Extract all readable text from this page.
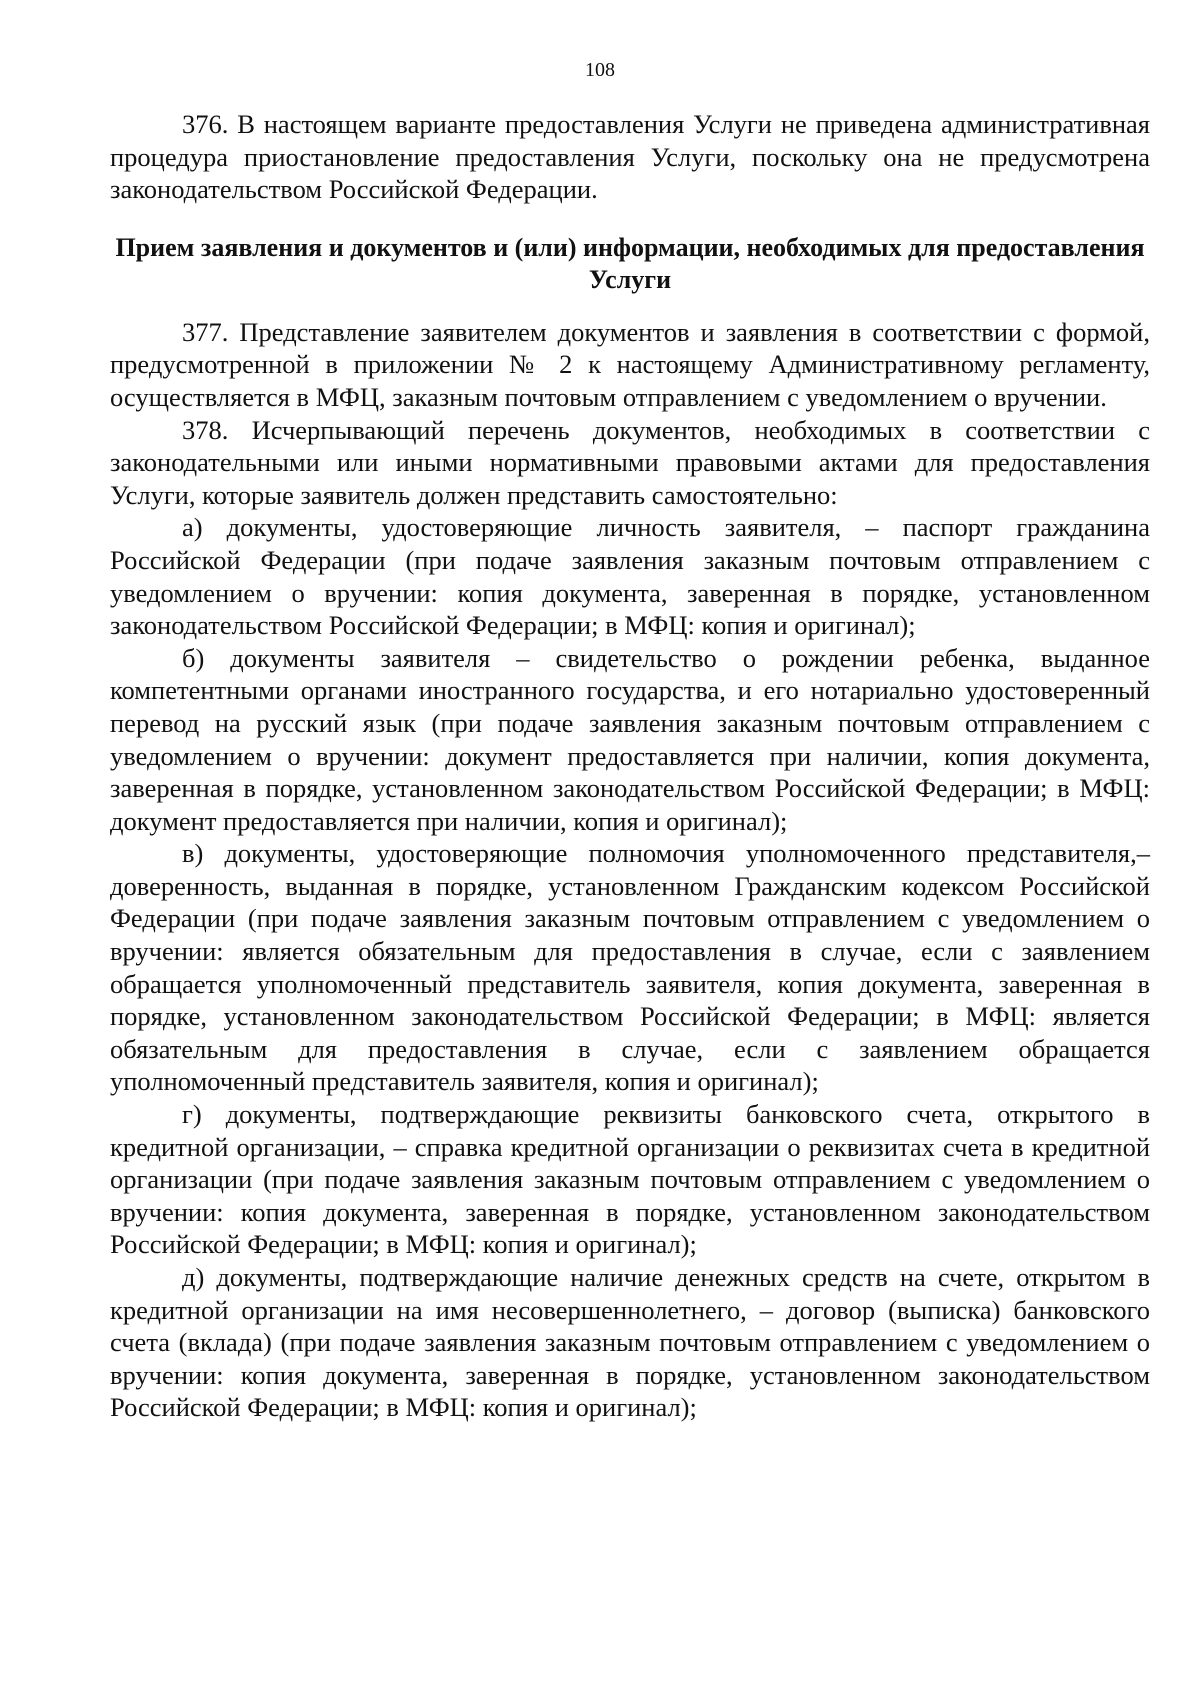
108

376. В настоящем варианте предоставления Услуги не приведена административная процедура приостановление предоставления Услуги, поскольку она не предусмотрена законодательством Российской Федерации.

Прием заявления и документов и (или) информации, необходимых для предоставления Услуги

377. Представление заявителем документов и заявления в соответствии с формой, предусмотренной в приложении № 2 к настоящему Административному регламенту, осуществляется в МФЦ, заказным почтовым отправлением с уведомлением о вручении.

378. Исчерпывающий перечень документов, необходимых в соответствии с законодательными или иными нормативными правовыми актами для предоставления Услуги, которые заявитель должен представить самостоятельно:

а) документы, удостоверяющие личность заявителя, – паспорт гражданина Российской Федерации (при подаче заявления заказным почтовым отправлением с уведомлением о вручении: копия документа, заверенная в порядке, установленном законодательством Российской Федерации; в МФЦ: копия и оригинал);

б) документы заявителя – свидетельство о рождении ребенка, выданное компетентными органами иностранного государства, и его нотариально удостоверенный перевод на русский язык (при подаче заявления заказным почтовым отправлением с уведомлением о вручении: документ предоставляется при наличии, копия документа, заверенная в порядке, установленном законодательством Российской Федерации; в МФЦ: документ предоставляется при наличии, копия и оригинал);

в) документы, удостоверяющие полномочия уполномоченного представителя,– доверенность, выданная в порядке, установленном Гражданским кодексом Российской Федерации (при подаче заявления заказным почтовым отправлением с уведомлением о вручении: является обязательным для предоставления в случае, если с заявлением обращается уполномоченный представитель заявителя, копия документа, заверенная в порядке, установленном законодательством Российской Федерации; в МФЦ: является обязательным для предоставления в случае, если с заявлением обращается уполномоченный представитель заявителя, копия и оригинал);

г) документы, подтверждающие реквизиты банковского счета, открытого в кредитной организации, – справка кредитной организации о реквизитах счета в кредитной организации (при подаче заявления заказным почтовым отправлением с уведомлением о вручении: копия документа, заверенная в порядке, установленном законодательством Российской Федерации; в МФЦ: копия и оригинал);

д) документы, подтверждающие наличие денежных средств на счете, открытом в кредитной организации на имя несовершеннолетнего, – договор (выписка) банковского счета (вклада) (при подаче заявления заказным почтовым отправлением с уведомлением о вручении: копия документа, заверенная в порядке, установленном законодательством Российской Федерации; в МФЦ: копия и оригинал);
